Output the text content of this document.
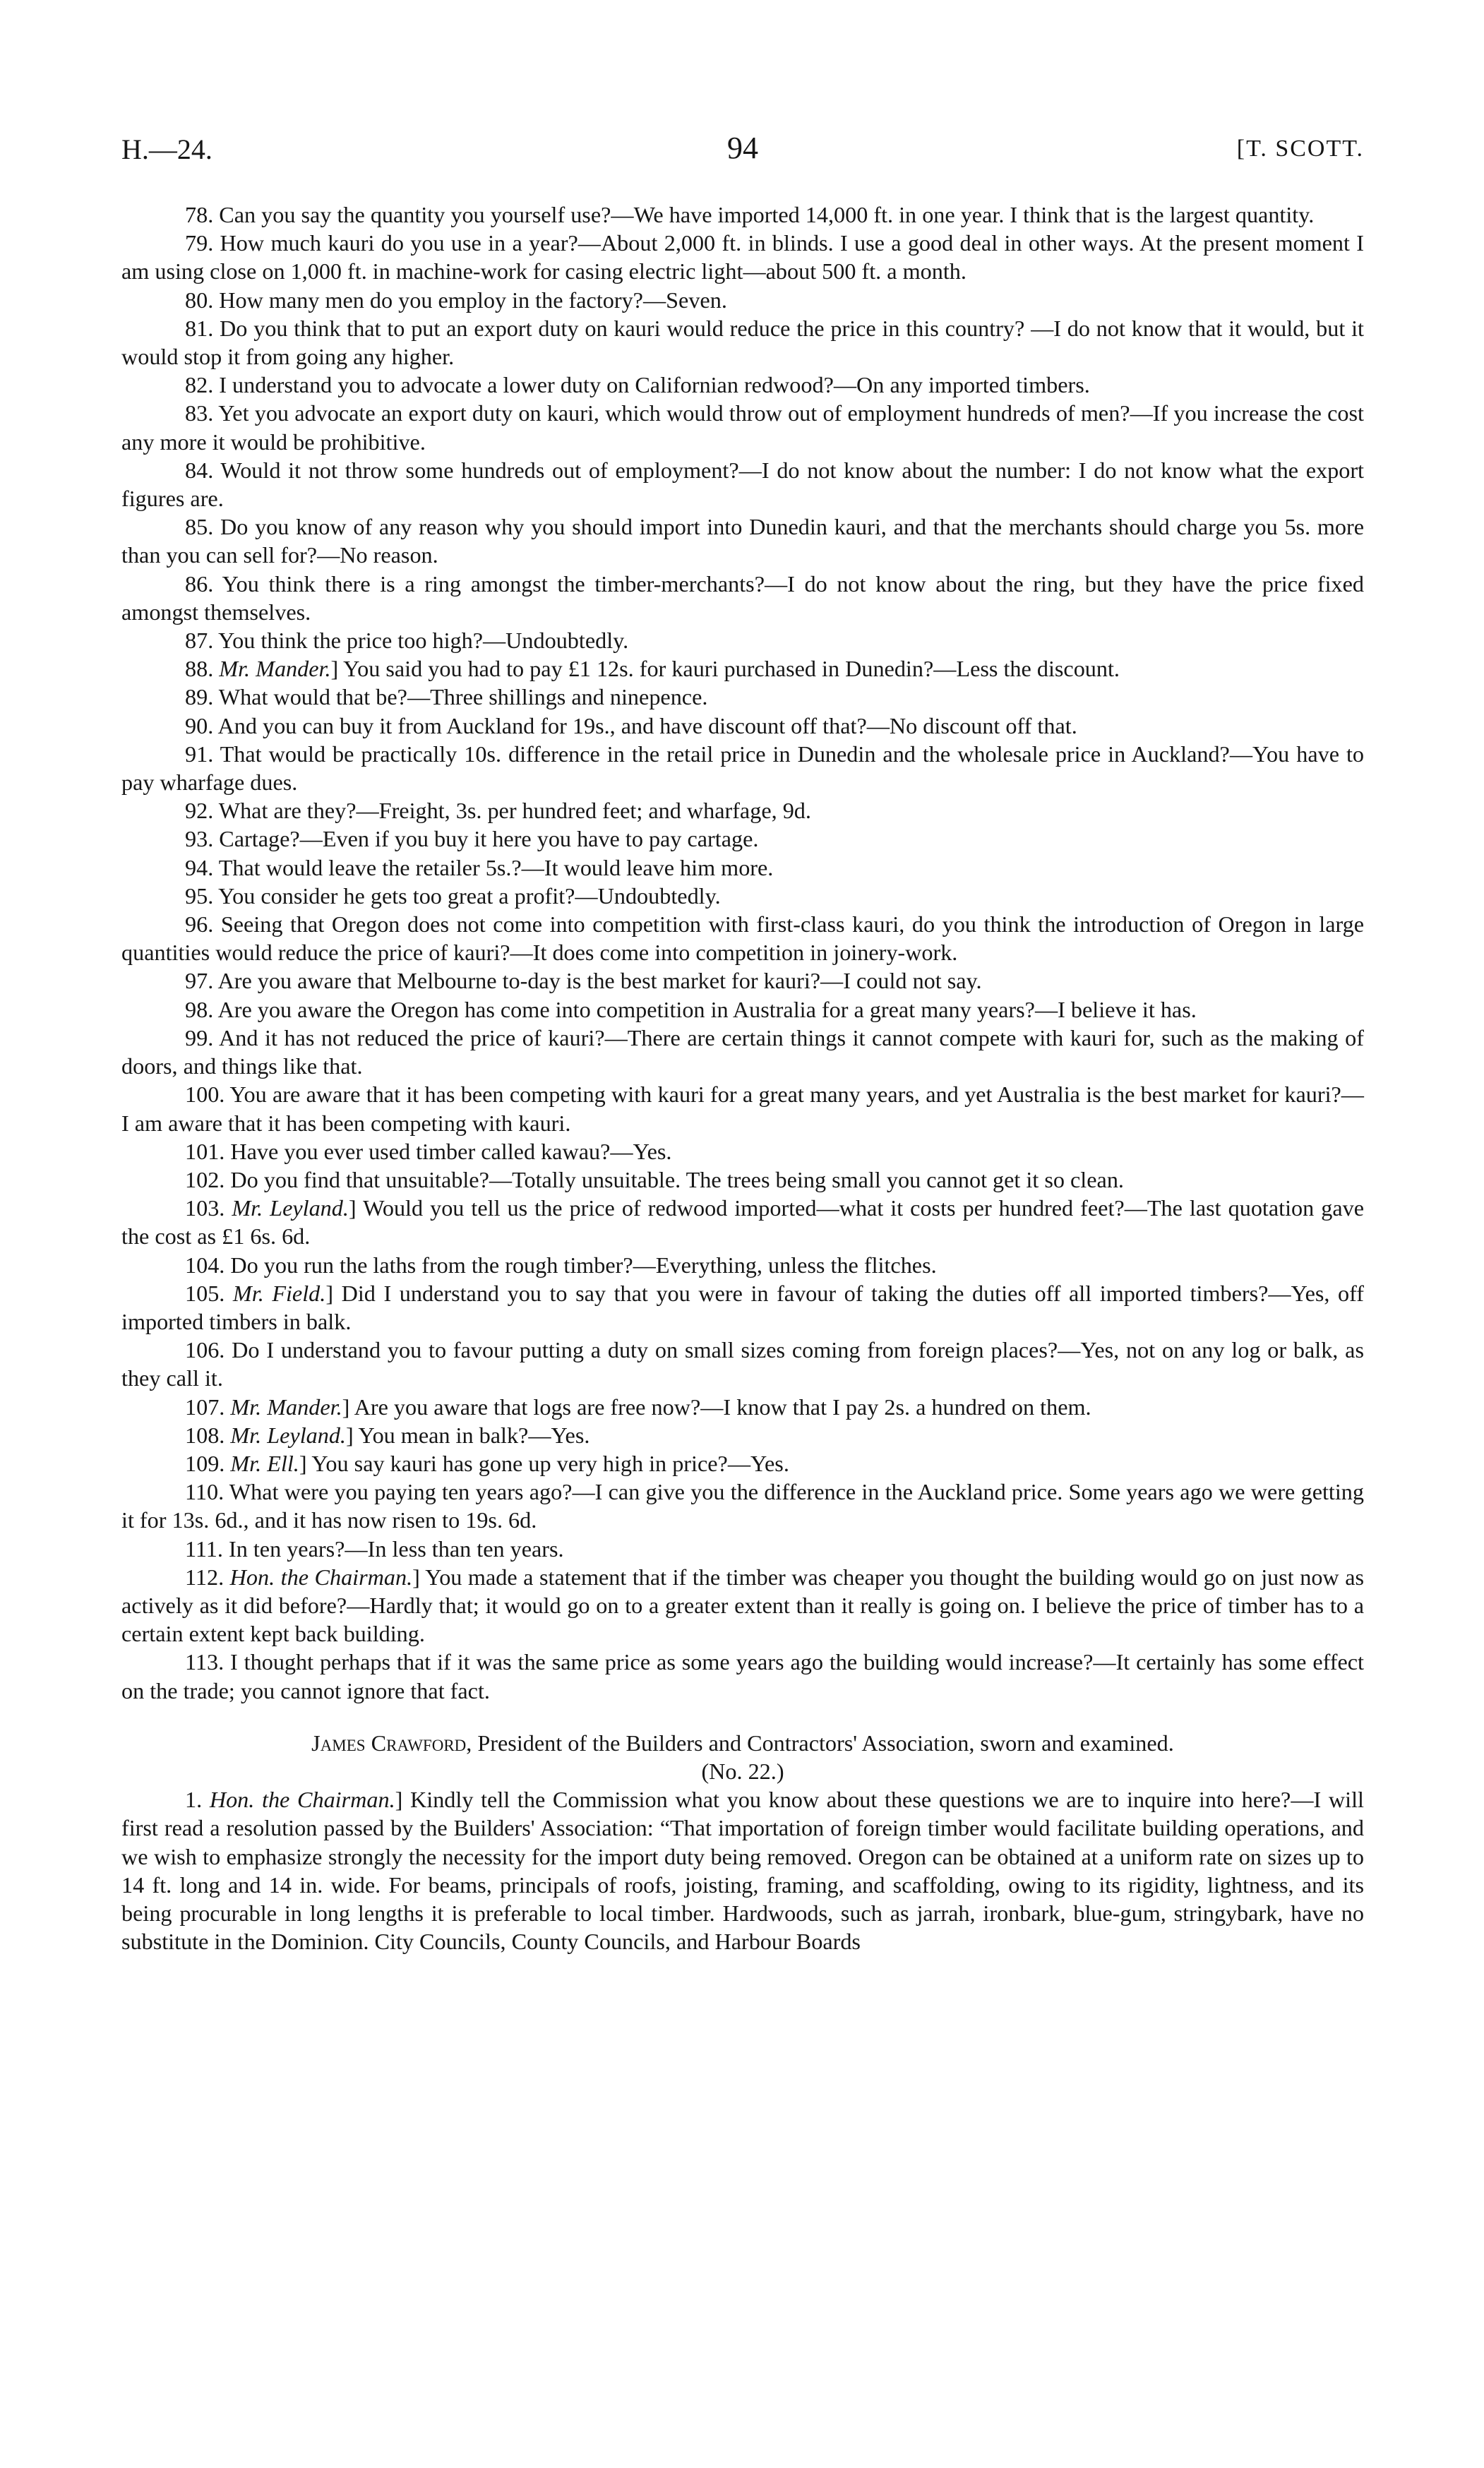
H.—24.	94	[T. SCOTT.

78. Can you say the quantity you yourself use?—We have imported 14,000 ft. in one year. I think that is the largest quantity.

79. How much kauri do you use in a year?—About 2,000 ft. in blinds. I use a good deal in other ways. At the present moment I am using close on 1,000 ft. in machine-work for casing electric light—about 500 ft. a month.

80. How many men do you employ in the factory?—Seven.

81. Do you think that to put an export duty on kauri would reduce the price in this country? —I do not know that it would, but it would stop it from going any higher.

82. I understand you to advocate a lower duty on Californian redwood?—On any imported timbers.

83. Yet you advocate an export duty on kauri, which would throw out of employment hundreds of men?—If you increase the cost any more it would be prohibitive.

84. Would it not throw some hundreds out of employment?—I do not know about the number: I do not know what the export figures are.

85. Do you know of any reason why you should import into Dunedin kauri, and that the merchants should charge you 5s. more than you can sell for?—No reason.

86. You think there is a ring amongst the timber-merchants?—I do not know about the ring, but they have the price fixed amongst themselves.

87. You think the price too high?—Undoubtedly.

88. Mr. Mander.] You said you had to pay £1 12s. for kauri purchased in Dunedin?—Less the discount.

89. What would that be?—Three shillings and ninepence.

90. And you can buy it from Auckland for 19s., and have discount off that?—No discount off that.

91. That would be practically 10s. difference in the retail price in Dunedin and the wholesale price in Auckland?—You have to pay wharfage dues.

92. What are they?—Freight, 3s. per hundred feet; and wharfage, 9d.

93. Cartage?—Even if you buy it here you have to pay cartage.

94. That would leave the retailer 5s.?—It would leave him more.

95. You consider he gets too great a profit?—Undoubtedly.

96. Seeing that Oregon does not come into competition with first-class kauri, do you think the introduction of Oregon in large quantities would reduce the price of kauri?—It does come into competition in joinery-work.

97. Are you aware that Melbourne to-day is the best market for kauri?—I could not say.

98. Are you aware the Oregon has come into competition in Australia for a great many years?—I believe it has.

99. And it has not reduced the price of kauri?—There are certain things it cannot compete with kauri for, such as the making of doors, and things like that.

100. You are aware that it has been competing with kauri for a great many years, and yet Australia is the best market for kauri?—I am aware that it has been competing with kauri.

101. Have you ever used timber called kawau?—Yes.

102. Do you find that unsuitable?—Totally unsuitable. The trees being small you cannot get it so clean.

103. Mr. Leyland.] Would you tell us the price of redwood imported—what it costs per hundred feet?—The last quotation gave the cost as £1 6s. 6d.

104. Do you run the laths from the rough timber?—Everything, unless the flitches.

105. Mr. Field.] Did I understand you to say that you were in favour of taking the duties off all imported timbers?—Yes, off imported timbers in balk.

106. Do I understand you to favour putting a duty on small sizes coming from foreign places?—Yes, not on any log or balk, as they call it.

107. Mr. Mander.] Are you aware that logs are free now?—I know that I pay 2s. a hundred on them.

108. Mr. Leyland.] You mean in balk?—Yes.

109. Mr. Ell.] You say kauri has gone up very high in price?—Yes.

110. What were you paying ten years ago?—I can give you the difference in the Auckland price. Some years ago we were getting it for 13s. 6d., and it has now risen to 19s. 6d.

111. In ten years?—In less than ten years.

112. Hon. the Chairman.] You made a statement that if the timber was cheaper you thought the building would go on just now as actively as it did before?—Hardly that; it would go on to a greater extent than it really is going on. I believe the price of timber has to a certain extent kept back building.

113. I thought perhaps that if it was the same price as some years ago the building would increase?—It certainly has some effect on the trade; you cannot ignore that fact.

James Crawford, President of the Builders and Contractors' Association, sworn and examined.

(No. 22.)

1. Hon. the Chairman.] Kindly tell the Commission what you know about these questions we are to inquire into here?—I will first read a resolution passed by the Builders' Association: “That importation of foreign timber would facilitate building operations, and we wish to emphasize strongly the necessity for the import duty being removed. Oregon can be obtained at a uniform rate on sizes up to 14 ft. long and 14 in. wide. For beams, principals of roofs, joisting, framing, and scaffolding, owing to its rigidity, lightness, and its being procurable in long lengths it is preferable to local timber. Hardwoods, such as jarrah, ironbark, blue-gum, stringybark, have no substitute in the Dominion. City Councils, County Councils, and Harbour Boards
